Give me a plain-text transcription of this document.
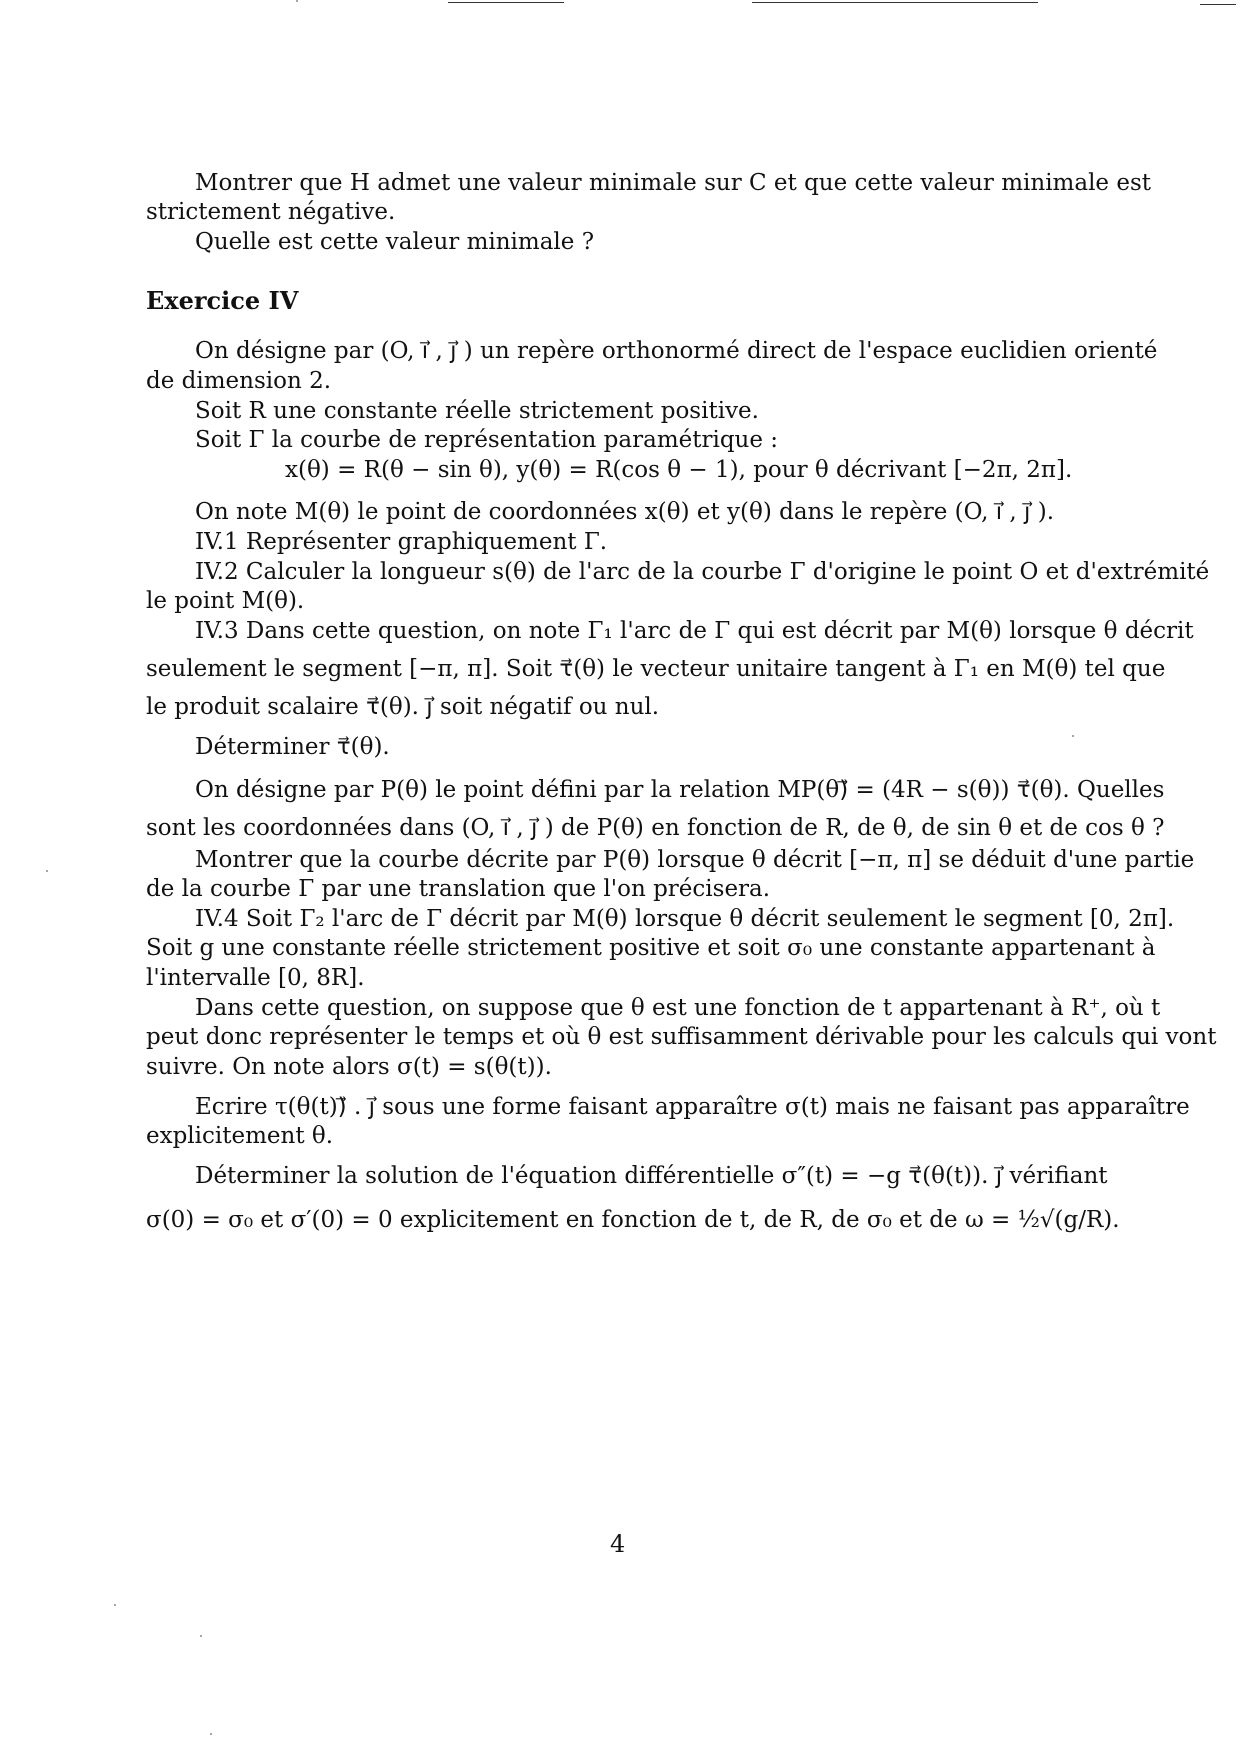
Montrer que H admet une valeur minimale sur C et que cette valeur minimale est
strictement négative.
Quelle est cette valeur minimale ?
Exercice IV
On désigne par (O, i⃗ , j⃗ ) un repère orthonormé direct de l'espace euclidien orienté
de dimension 2.
Soit R une constante réelle strictement positive.
Soit Γ la courbe de représentation paramétrique :
x(θ) = R(θ − sin θ), y(θ) = R(cos θ − 1), pour θ décrivant [−2π, 2π].
On note M(θ) le point de coordonnées x(θ) et y(θ) dans le repère (O, i⃗ , j⃗ ).
IV.1 Représenter graphiquement Γ.
IV.2 Calculer la longueur s(θ) de l'arc de la courbe Γ d'origine le point O et d'extrémité
le point M(θ).
IV.3 Dans cette question, on note Γ₁ l'arc de Γ qui est décrit par M(θ) lorsque θ décrit
seulement le segment [−π, π]. Soit τ⃗(θ) le vecteur unitaire tangent à Γ₁ en M(θ) tel que
le produit scalaire τ⃗(θ). j⃗ soit négatif ou nul.
Déterminer τ⃗(θ).
On désigne par P(θ) le point défini par la relation MP(θ)⃗ = (4R − s(θ)) τ⃗(θ). Quelles
sont les coordonnées dans (O, i⃗ , j⃗ ) de P(θ) en fonction de R, de θ, de sin θ et de cos θ ?
Montrer que la courbe décrite par P(θ) lorsque θ décrit [−π, π] se déduit d'une partie
de la courbe Γ par une translation que l'on précisera.
IV.4 Soit Γ₂ l'arc de Γ décrit par M(θ) lorsque θ décrit seulement le segment [0, 2π].
Soit g une constante réelle strictement positive et soit σ₀ une constante appartenant à
l'intervalle [0, 8R].
Dans cette question, on suppose que θ est une fonction de t appartenant à R⁺, où t
peut donc représenter le temps et où θ est suffisamment dérivable pour les calculs qui vont
suivre. On note alors σ(t) = s(θ(t)).
Ecrire τ(θ(t))⃗ . j⃗ sous une forme faisant apparaître σ(t) mais ne faisant pas apparaître
explicitement θ.
Déterminer la solution de l'équation différentielle σ″(t) = −g τ⃗(θ(t)). j⃗ vérifiant
σ(0) = σ₀ et σ′(0) = 0 explicitement en fonction de t, de R, de σ₀ et de ω = ½√(g/R).
4
